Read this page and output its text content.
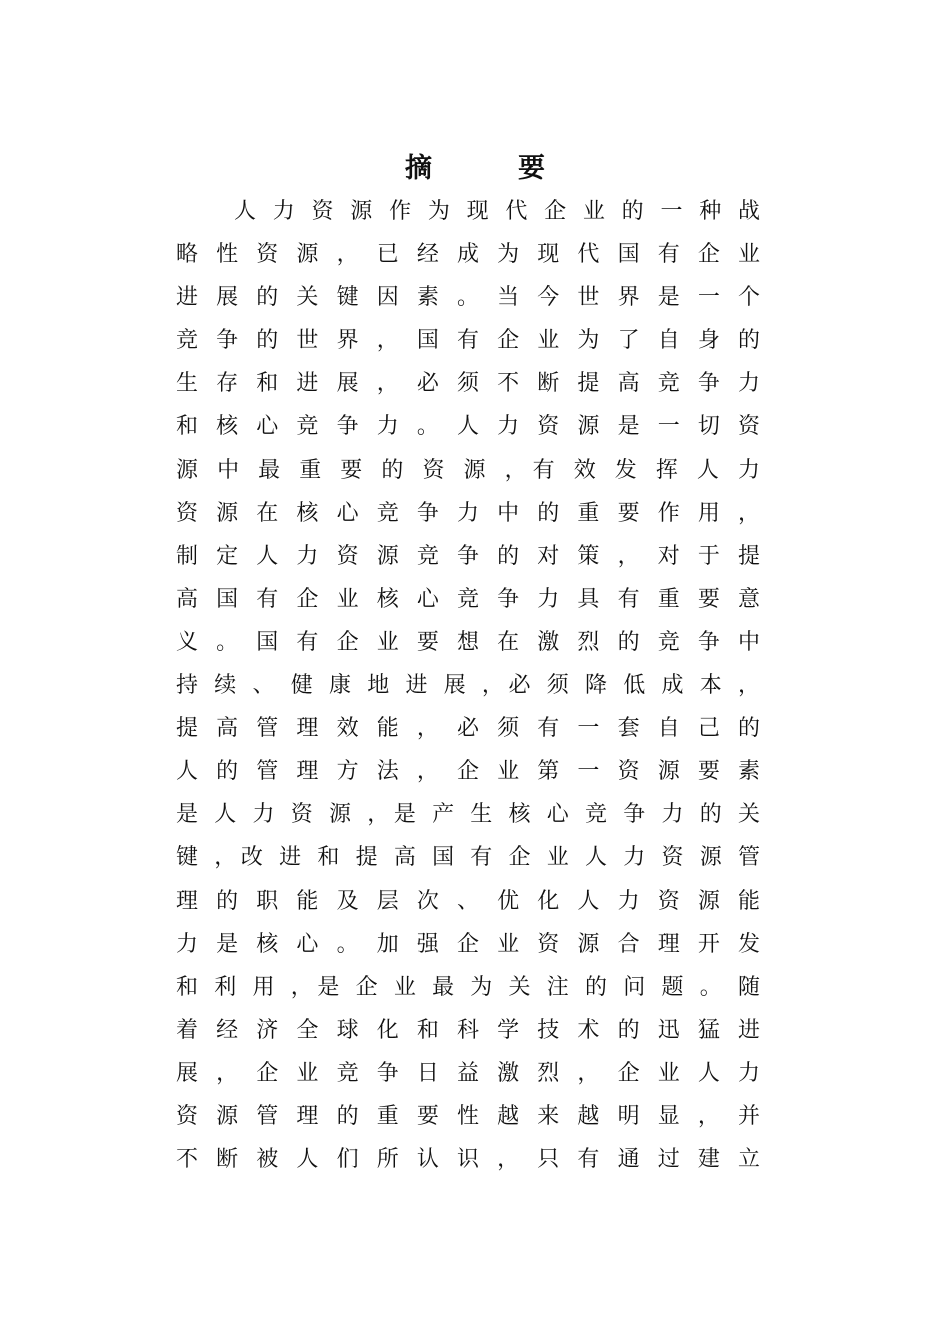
摘	要
人 力 资 源 作 为 现 代 企 业 的 一 种 战
略 性 资 源 ， 已 经 成 为 现 代 国 有 企 业
进 展 的 关 键 因 素 。 当 今 世 界 是 一 个
竞 争 的 世 界 ， 国 有 企 业 为 了 自 身 的
生 存 和 进 展 ， 必 须 不 断 提 高 竞 争 力
和 核 心 竞 争 力 。 人 力 资 源 是 一 切 资
源 中 最 重 要 的 资 源 ，有 效 发 挥 人 力
资 源 在 核 心 竞 争 力 中 的 重 要 作 用 ，
制 定 人 力 资 源 竞 争 的 对 策 ， 对 于 提
高 国 有 企 业 核 心 竞 争 力 具 有 重 要 意
义 。 国 有 企 业 要 想 在 激 烈 的 竞 争 中
持 续 、 健 康 地 进 展 ，必 须 降 低 成 本 ，
提 高 管 理 效 能 ， 必 须 有 一 套 自 己 的
人 的 管 理 方 法 ， 企 业 第 一 资 源 要 素
是 人 力 资 源 ，是 产 生 核 心 竞 争 力 的 关
键 ，改 进 和 提 高 国 有 企 业 人 力 资 源 管
理 的 职 能 及 层 次 、 优 化 人 力 资 源 能
力 是 核 心 。 加 强 企 业 资 源 合 理 开 发
和 利 用 ，是 企 业 最 为 关 注 的 问 题 。 随
着 经 济 全 球 化 和 科 学 技 术 的 迅 猛 进
展 ， 企 业 竞 争 日 益 激 烈 ， 企 业 人 力
资 源 管 理 的 重 要 性 越 来 越 明 显 ， 并
不 断 被 人 们 所 认 识 ， 只 有 通 过 建 立
